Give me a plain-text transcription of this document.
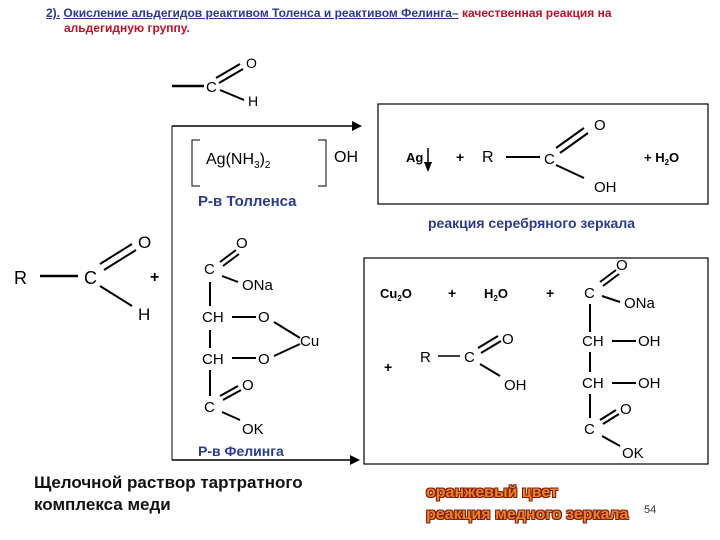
2). Окисление альдегидов реактивом Толенса и реактивом Фелинга– качественная реакция на
альдегидную группу.
C
O
H
$Ag(NH_3)_2$	OH
Р-в Толленса
Ag + R	C
O
OH
+ $H_2O$
реакция серебряного зеркала
R	C
O
H
+	C
O
ONa
CH O
Cu
CH O
C
O
OK
Р-в Фелинга
$Cu_2O$	+ $H_2O$	+
+
R C
O
OH
C
O
ONa
CH OH
CH OH
C
O
OK
Щелочной раствор тартратного комплекса меди
оранжевый цвет
реакция медного зеркала 54
